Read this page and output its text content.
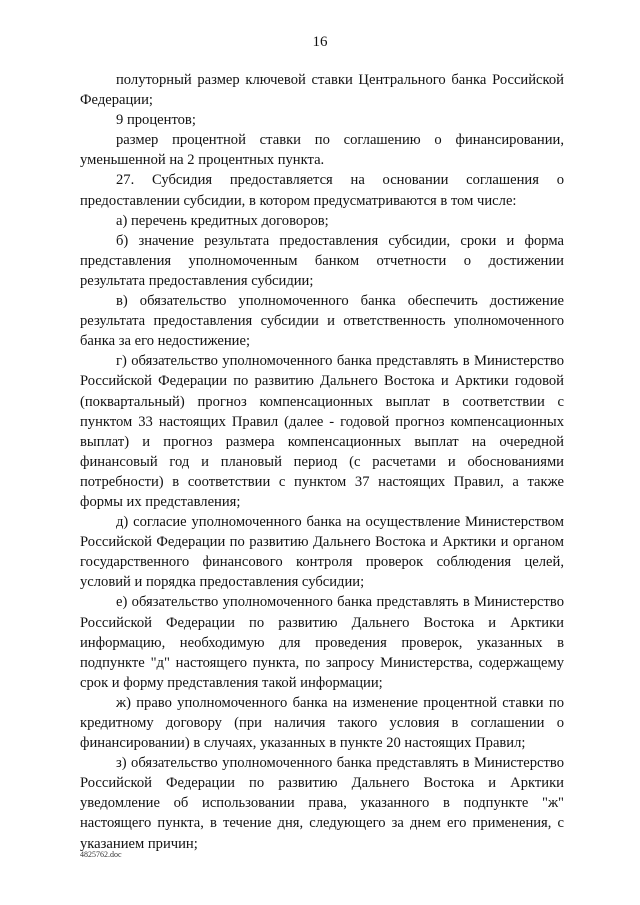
16

полуторный размер ключевой ставки Центрального банка Российской Федерации;

9 процентов;

размер процентной ставки по соглашению о финансировании, уменьшенной на 2 процентных пункта.

27. Субсидия предоставляется на основании соглашения о предоставлении субсидии, в котором предусматриваются в том числе:

а) перечень кредитных договоров;

б) значение результата предоставления субсидии, сроки и форма представления уполномоченным банком отчетности о достижении результата предоставления субсидии;

в) обязательство уполномоченного банка обеспечить достижение результата предоставления субсидии и ответственность уполномоченного банка за его недостижение;

г) обязательство уполномоченного банка представлять в Министерство Российской Федерации по развитию Дальнего Востока и Арктики годовой (поквартальный) прогноз компенсационных выплат в соответствии с пунктом 33 настоящих Правил (далее - годовой прогноз компенсационных выплат) и прогноз размера компенсационных выплат на очередной финансовый год и плановый период (с расчетами и обоснованиями потребности) в соответствии с пунктом 37 настоящих Правил, а также формы их представления;

д) согласие уполномоченного банка на осуществление Министерством Российской Федерации по развитию Дальнего Востока и Арктики и органом государственного финансового контроля проверок соблюдения целей, условий и порядка предоставления субсидии;

е) обязательство уполномоченного банка представлять в Министерство Российской Федерации по развитию Дальнего Востока и Арктики информацию, необходимую для проведения проверок, указанных в подпункте "д" настоящего пункта, по запросу Министерства, содержащему срок и форму представления такой информации;

ж) право уполномоченного банка на изменение процентной ставки по кредитному договору (при наличия такого условия в соглашении о финансировании) в случаях, указанных в пункте 20 настоящих Правил;

з) обязательство уполномоченного банка представлять в Министерство Российской Федерации по развитию Дальнего Востока и Арктики уведомление об использовании права, указанного в подпункте "ж" настоящего пункта, в течение дня, следующего за днем его применения, с указанием причин;

4825762.doc
